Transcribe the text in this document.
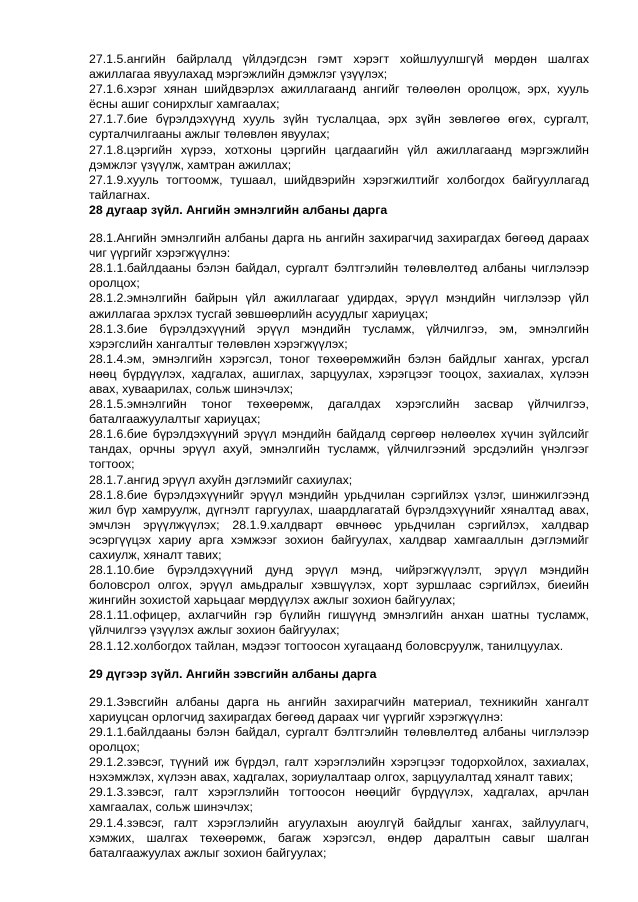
27.1.5.ангийн байрлалд үйлдэгдсэн гэмт хэрэгт хойшлуулшгүй мөрдөн шалгах ажиллагаа явуулахад мэргэжлийн дэмжлэг үзүүлэх;

27.1.6.хэрэг хянан шийдвэрлэх ажиллагаанд ангийг төлөөлөн оролцож, эрх, хууль ёсны ашиг сонирхлыг хамгаалах;

27.1.7.бие бүрэлдэхүүнд хууль зүйн туслалцаа, эрх зүйн зөвлөгөө өгөх, сургалт, сурталчилгааны ажлыг төлөвлөн явуулах;

27.1.8.цэргийн хүрээ, хотхоны цэргийн цагдаагийн үйл ажиллагаанд мэргэжлийн дэмжлэг үзүүлж, хамтран ажиллах;

27.1.9.хууль тогтоомж, тушаал, шийдвэрийн хэрэгжилтийг холбогдох байгууллагад тайлагнах.

28 дугаар зүйл. Ангийн эмнэлгийн албаны дарга

28.1.Ангийн эмнэлгийн албаны дарга нь ангийн захирагчид захирагдах бөгөөд дараах чиг үүргийг хэрэгжүүлнэ:

28.1.1.байлдааны бэлэн байдал, сургалт бэлтгэлийн төлөвлөлтөд албаны чиглэлээр оролцох;

28.1.2.эмнэлгийн байрын үйл ажиллагааг удирдах, эрүүл мэндийн чиглэлээр үйл ажиллагаа эрхлэх тусгай зөвшөөрлийн асуудлыг хариуцах;

28.1.3.бие бүрэлдэхүүний эрүүл мэндийн тусламж, үйлчилгээ, эм, эмнэлгийн хэрэгслийн хангалтыг төлөвлөн хэрэгжүүлэх;

28.1.4.эм, эмнэлгийн хэрэгсэл, тоног төхөөрөмжийн бэлэн байдлыг хангах, урсгал нөөц бүрдүүлэх, хадгалах, ашиглах, зарцуулах, хэрэгцээг тооцох, захиалах, хүлээн авах, хуваарилах, сольж шинэчлэх;

28.1.5.эмнэлгийн тоног төхөөрөмж, дагалдах хэрэгслийн засвар үйлчилгээ, баталгаажуулалтыг хариуцах;

28.1.6.бие бүрэлдэхүүний эрүүл мэндийн байдалд сөргөөр нөлөөлөх хүчин зүйлсийг тандах, орчны эрүүл ахуй, эмнэлгийн тусламж, үйлчилгээний эрсдэлийн үнэлгээг тогтоох;

28.1.7.ангид эрүүл ахуйн дэглэмийг сахиулах;

28.1.8.бие бүрэлдэхүүнийг эрүүл мэндийн урьдчилан сэргийлэх үзлэг, шинжилгээнд жил бүр хамруулж, дүгнэлт гаргуулах, шаардлагатай бүрэлдэхүүнийг хяналтад авах, эмчлэн эрүүлжүүлэх; 28.1.9.халдварт өвчнөөс урьдчилан сэргийлэх, халдвар эсэргүүцэх хариу арга хэмжээг зохион байгуулах, халдвар хамгааллын дэглэмийг сахиулж, хяналт тавих;

28.1.10.бие бүрэлдэхүүний дунд эрүүл мэнд, чийрэгжүүлэлт, эрүүл мэндийн боловсрол олгох, эрүүл амьдралыг хэвшүүлэх, хорт зуршлаас сэргийлэх, биеийн жингийн зохистой харьцааг мөрдүүлэх ажлыг зохион байгуулах;

28.1.11.офицер, ахлагчийн гэр бүлийн гишүүнд эмнэлгийн анхан шатны тусламж, үйлчилгээ үзүүлэх ажлыг зохион байгуулах;

28.1.12.холбогдох тайлан, мэдээг тогтоосон хугацаанд боловсруулж, танилцуулах.

29 дүгээр зүйл. Ангийн зэвсгийн албаны дарга

29.1.Зэвсгийн албаны дарга нь ангийн захирагчийн материал, техникийн хангалт хариуцсан орлогчид захирагдах бөгөөд дараах чиг үүргийг хэрэгжүүлнэ:

29.1.1.байлдааны бэлэн байдал, сургалт бэлтгэлийн төлөвлөлтөд албаны чиглэлээр оролцох;

29.1.2.зэвсэг, түүний иж бүрдэл, галт хэрэглэлийн хэрэгцээг тодорхойлох, захиалах, нэхэмжлэх, хүлээн авах, хадгалах, зориулалтаар олгох, зарцуулалтад хяналт тавих;

29.1.3.зэвсэг, галт хэрэглэлийн тогтоосон нөөцийг бүрдүүлэх, хадгалах, арчлан хамгаалах, сольж шинэчлэх;

29.1.4.зэвсэг, галт хэрэглэлийн агуулахын аюулгүй байдлыг хангах, зайлуулагч, хэмжих, шалгах төхөөрөмж, багаж хэрэгсэл, өндөр даралтын савыг шалган баталгаажуулах ажлыг зохион байгуулах;
